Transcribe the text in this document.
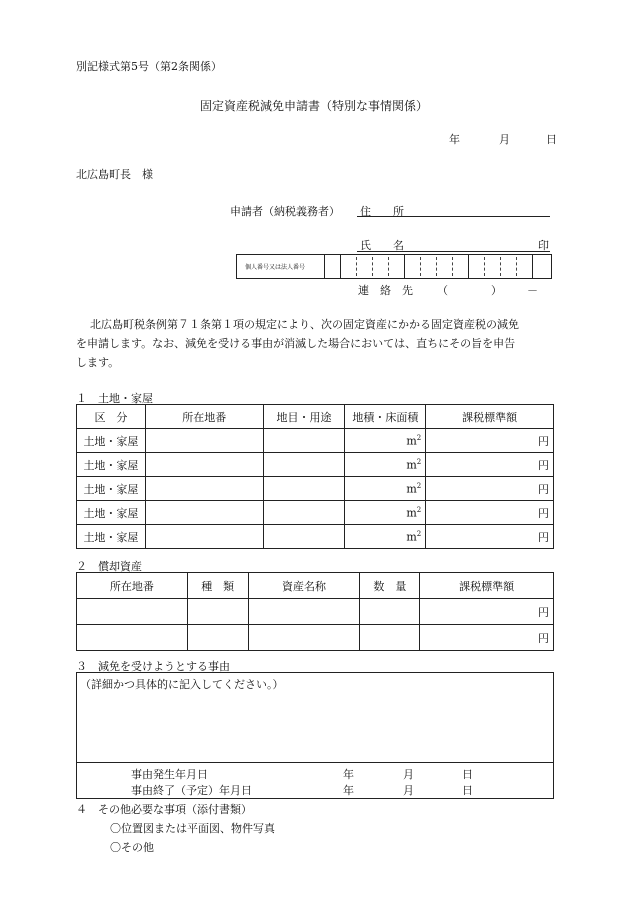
別記様式第5号（第2条関係）
固定資産税減免申請書（特別な事情関係）
年	月	日
北広島町長　様
申請者（納税義務者） 住　　所
氏　　名	印
個人番号又は法人番号
連　絡　先 （	） －
北広島町税条例第７１条第１項の規定により、次の固定資産にかかる固定資産税の減免
を申請します。なお、減免を受ける事由が消滅した場合においては、直ちにその旨を申告
します。
１　土地・家屋
区　分	所在地番	地目・用途	地積・床面積	課税標準額
土地・家屋			$m^2$	円
土地・家屋			$m^2$	円
土地・家屋			$m^2$	円
土地・家屋			$m^2$	円
土地・家屋			$m^2$	円
２　償却資産
所在地番	種　類	資産名称	数　量	課税標準額
				円
				円
３　減免を受けようとする事由
（詳細かつ具体的に記入してください。）
事由発生年月日	年	月	日
事由終了（予定）年月日	年	月	日
４　その他必要な事項（添付書類）
〇位置図または平面図、物件写真
〇その他
